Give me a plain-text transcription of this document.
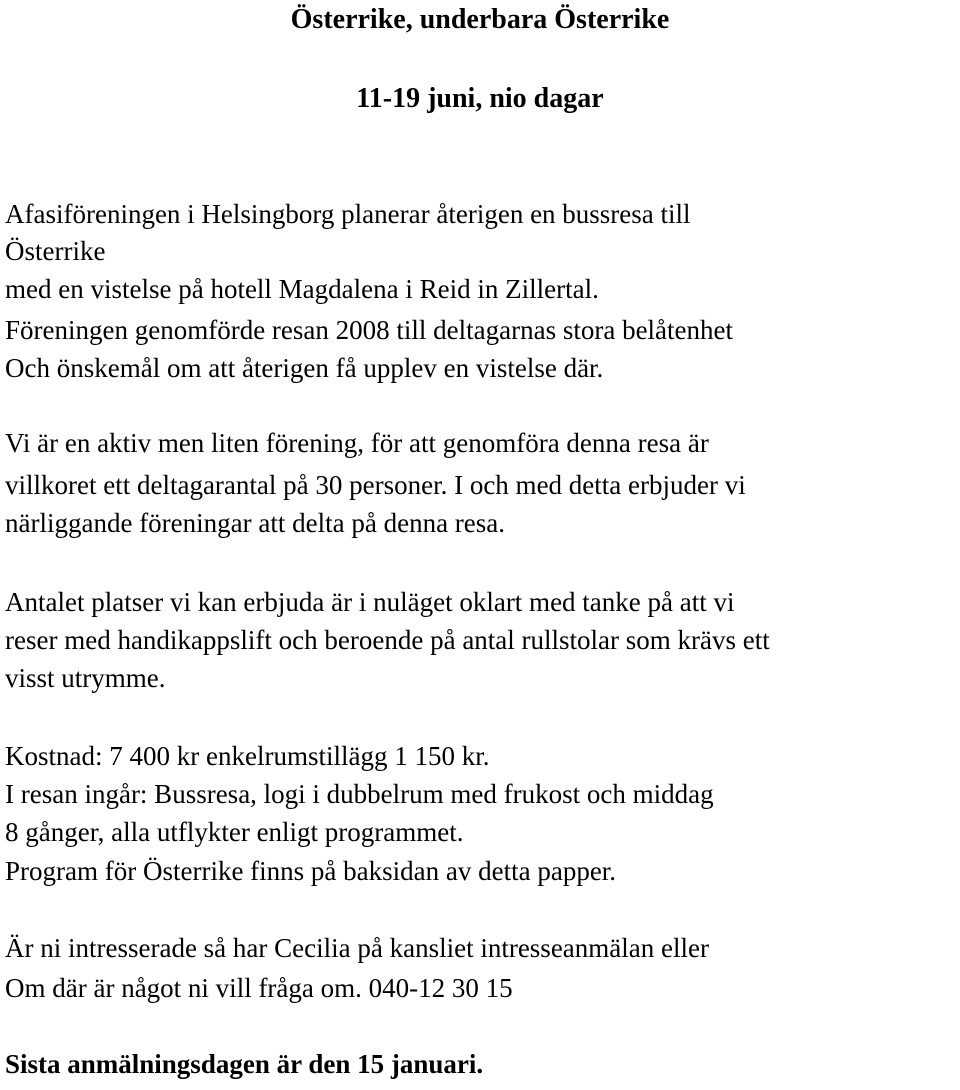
Österrike, underbara Österrike
11-19 juni, nio dagar
Afasiföreningen i Helsingborg planerar återigen en bussresa till
Österrike
med en vistelse på hotell Magdalena i Reid in Zillertal.
Föreningen genomförde resan 2008 till deltagarnas stora belåtenhet
Och önskemål om att återigen få upplev en vistelse där.
Vi är en aktiv men liten förening, för att genomföra denna resa är
villkoret ett deltagarantal på 30 personer. I och med detta erbjuder vi
närliggande föreningar att delta på denna resa.
Antalet platser vi kan erbjuda är i nuläget oklart med tanke på att vi
reser med handikappslift och beroende på antal rullstolar som krävs ett
visst utrymme.
Kostnad: 7 400 kr enkelrumstillägg 1 150 kr.
I resan ingår: Bussresa, logi i dubbelrum med frukost och middag
8 gånger, alla utflykter enligt programmet.
Program för Österrike finns på baksidan av detta papper.
Är ni intresserade så har Cecilia på kansliet intresseanmälan eller
Om där är något ni vill fråga om. 040-12 30 15
Sista anmälningsdagen är den 15 januari.
